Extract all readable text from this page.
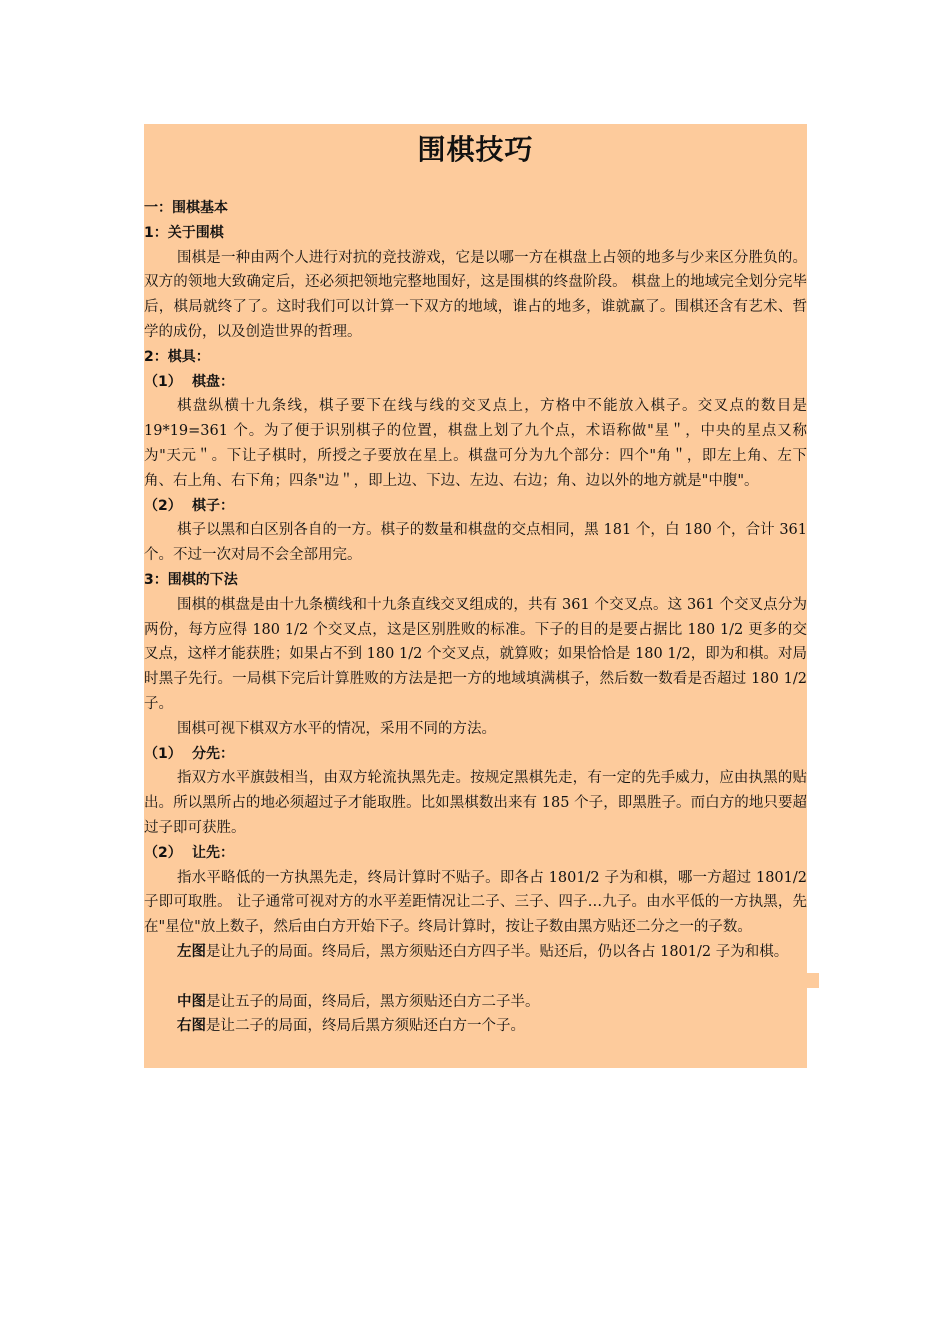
围棋技巧

一：围棋基本

1：关于围棋

围棋是一种由两个人进行对抗的竞技游戏，它是以哪一方在棋盘上占领的地多与少来区分胜负的。双方的领地大致确定后，还必须把领地完整地围好，这是围棋的终盘阶段。 棋盘上的地域完全划分完毕后，棋局就终了了。这时我们可以计算一下双方的地域，谁占的地多，谁就赢了。围棋还含有艺术、哲学的成份，以及创造世界的哲理。

2：棋具：

（1） 棋盘：

棋盘纵横十九条线，棋子要下在线与线的交叉点上，方格中不能放入棋子。交叉点的数目是 19*19=361 个。为了便于识别棋子的位置，棋盘上划了九个点，术语称做"星＂，中央的星点又称为"天元＂。下让子棋时，所授之子要放在星上。棋盘可分为九个部分：四个"角＂，即左上角、左下角、右上角、右下角；四条"边＂，即上边、下边、左边、右边；角、边以外的地方就是"中腹"。

（2） 棋子：

棋子以黑和白区别各自的一方。棋子的数量和棋盘的交点相同，黑 181 个，白 180 个，合计 361 个。不过一次对局不会全部用完。

3：围棋的下法

围棋的棋盘是由十九条横线和十九条直线交叉组成的，共有 361 个交叉点。这 361 个交叉点分为两份，每方应得 180 1/2 个交叉点，这是区别胜败的标准。下子的目的是要占据比 180 1/2 更多的交叉点，这样才能获胜；如果占不到 180 1/2 个交叉点，就算败；如果恰恰是 180 1/2，即为和棋。对局时黑子先行。一局棋下完后计算胜败的方法是把一方的地域填满棋子，然后数一数看是否超过 180 1/2 子。

围棋可视下棋双方水平的情况，采用不同的方法。

（1） 分先：

指双方水平旗鼓相当，由双方轮流执黑先走。按规定黑棋先走，有一定的先手威力，应由执黑的贴出。所以黑所占的地必须超过子才能取胜。比如黑棋数出来有 185 个子，即黑胜子。而白方的地只要超过子即可获胜。

（2） 让先：

指水平略低的一方执黑先走，终局计算时不贴子。即各占 1801/2 子为和棋，哪一方超过 1801/2 子即可取胜。 让子通常可视对方的水平差距情况让二子、三子、四子…九子。由水平低的一方执黑，先在"星位"放上数子，然后由白方开始下子。终局计算时，按让子数由黑方贴还二分之一的子数。

左图是让九子的局面。终局后，黑方须贴还白方四子半。贴还后，仍以各占 1801/2 子为和棋。

中图是让五子的局面，终局后，黑方须贴还白方二子半。

右图是让二子的局面，终局后黑方须贴还白方一个子。
